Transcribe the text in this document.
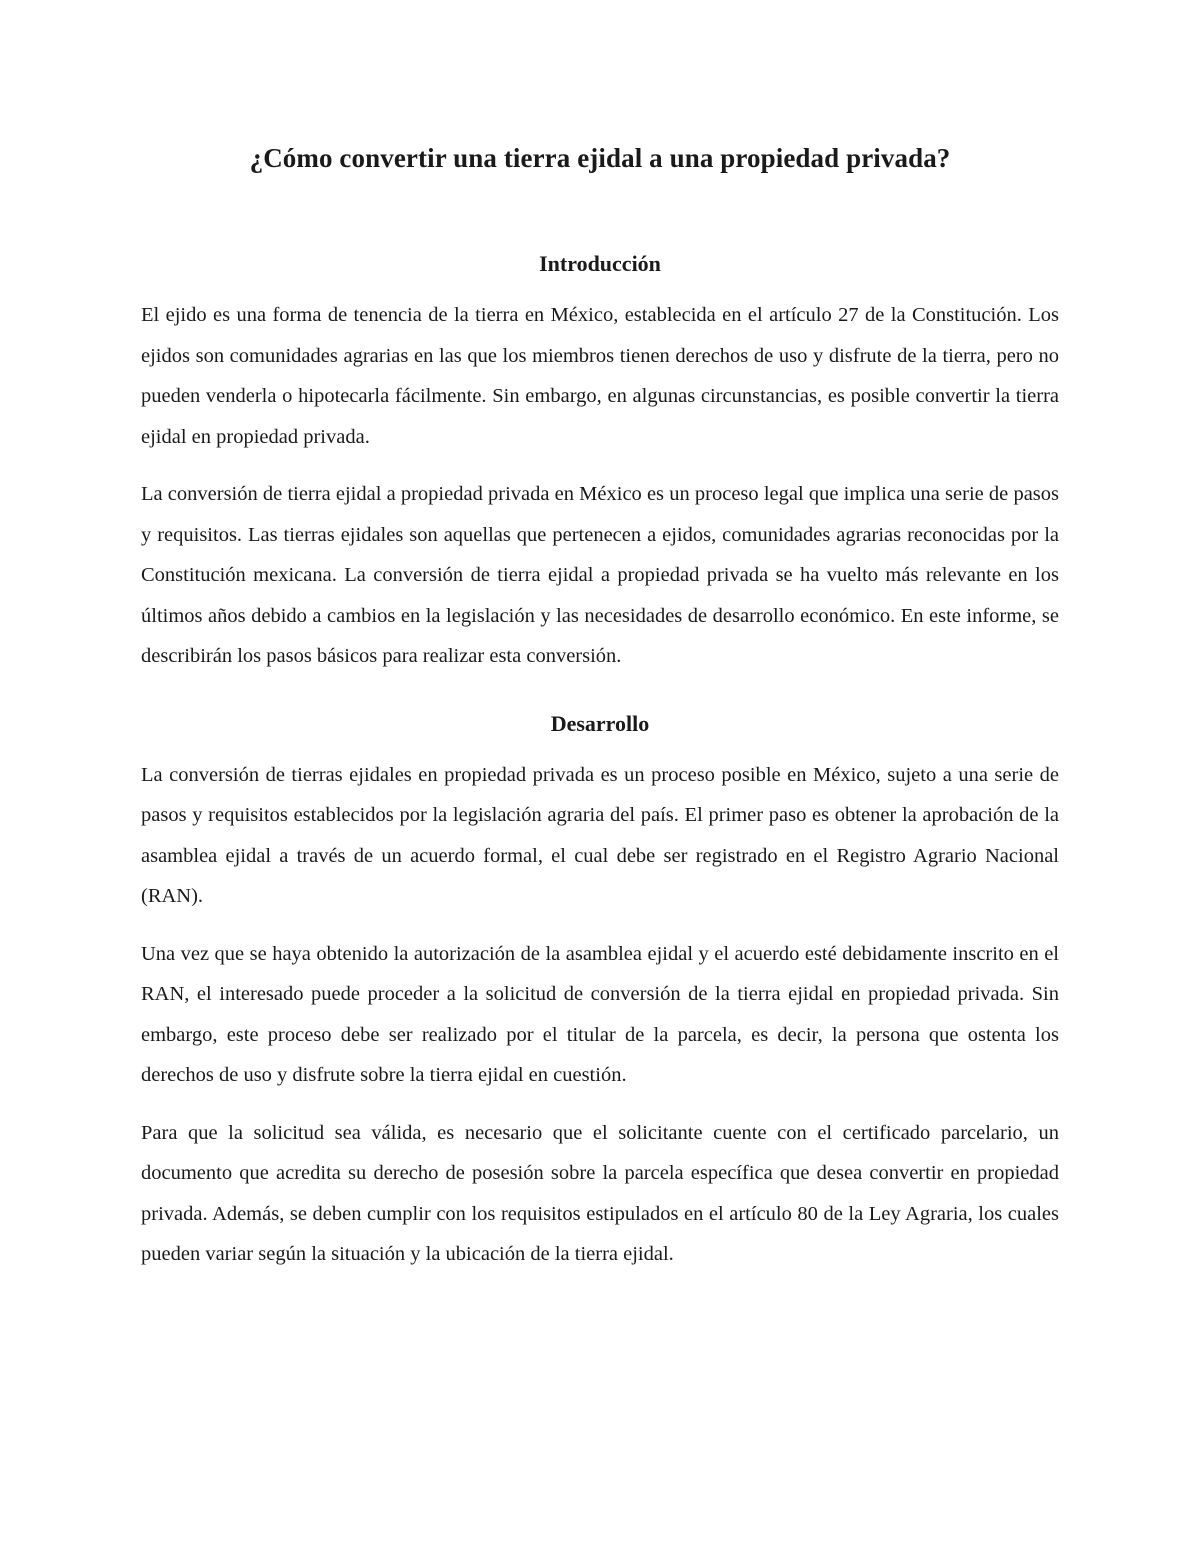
¿Cómo convertir una tierra ejidal a una propiedad privada?
Introducción

El ejido es una forma de tenencia de la tierra en México, establecida en el artículo 27 de la Constitución. Los ejidos son comunidades agrarias en las que los miembros tienen derechos de uso y disfrute de la tierra, pero no pueden venderla o hipotecarla fácilmente. Sin embargo, en algunas circunstancias, es posible convertir la tierra ejidal en propiedad privada.

La conversión de tierra ejidal a propiedad privada en México es un proceso legal que implica una serie de pasos y requisitos. Las tierras ejidales son aquellas que pertenecen a ejidos, comunidades agrarias reconocidas por la Constitución mexicana. La conversión de tierra ejidal a propiedad privada se ha vuelto más relevante en los últimos años debido a cambios en la legislación y las necesidades de desarrollo económico. En este informe, se describirán los pasos básicos para realizar esta conversión.

Desarrollo

La conversión de tierras ejidales en propiedad privada es un proceso posible en México, sujeto a una serie de pasos y requisitos establecidos por la legislación agraria del país. El primer paso es obtener la aprobación de la asamblea ejidal a través de un acuerdo formal, el cual debe ser registrado en el Registro Agrario Nacional (RAN).

Una vez que se haya obtenido la autorización de la asamblea ejidal y el acuerdo esté debidamente inscrito en el RAN, el interesado puede proceder a la solicitud de conversión de la tierra ejidal en propiedad privada. Sin embargo, este proceso debe ser realizado por el titular de la parcela, es decir, la persona que ostenta los derechos de uso y disfrute sobre la tierra ejidal en cuestión.

Para que la solicitud sea válida, es necesario que el solicitante cuente con el certificado parcelario, un documento que acredita su derecho de posesión sobre la parcela específica que desea convertir en propiedad privada. Además, se deben cumplir con los requisitos estipulados en el artículo 80 de la Ley Agraria, los cuales pueden variar según la situación y la ubicación de la tierra ejidal.
